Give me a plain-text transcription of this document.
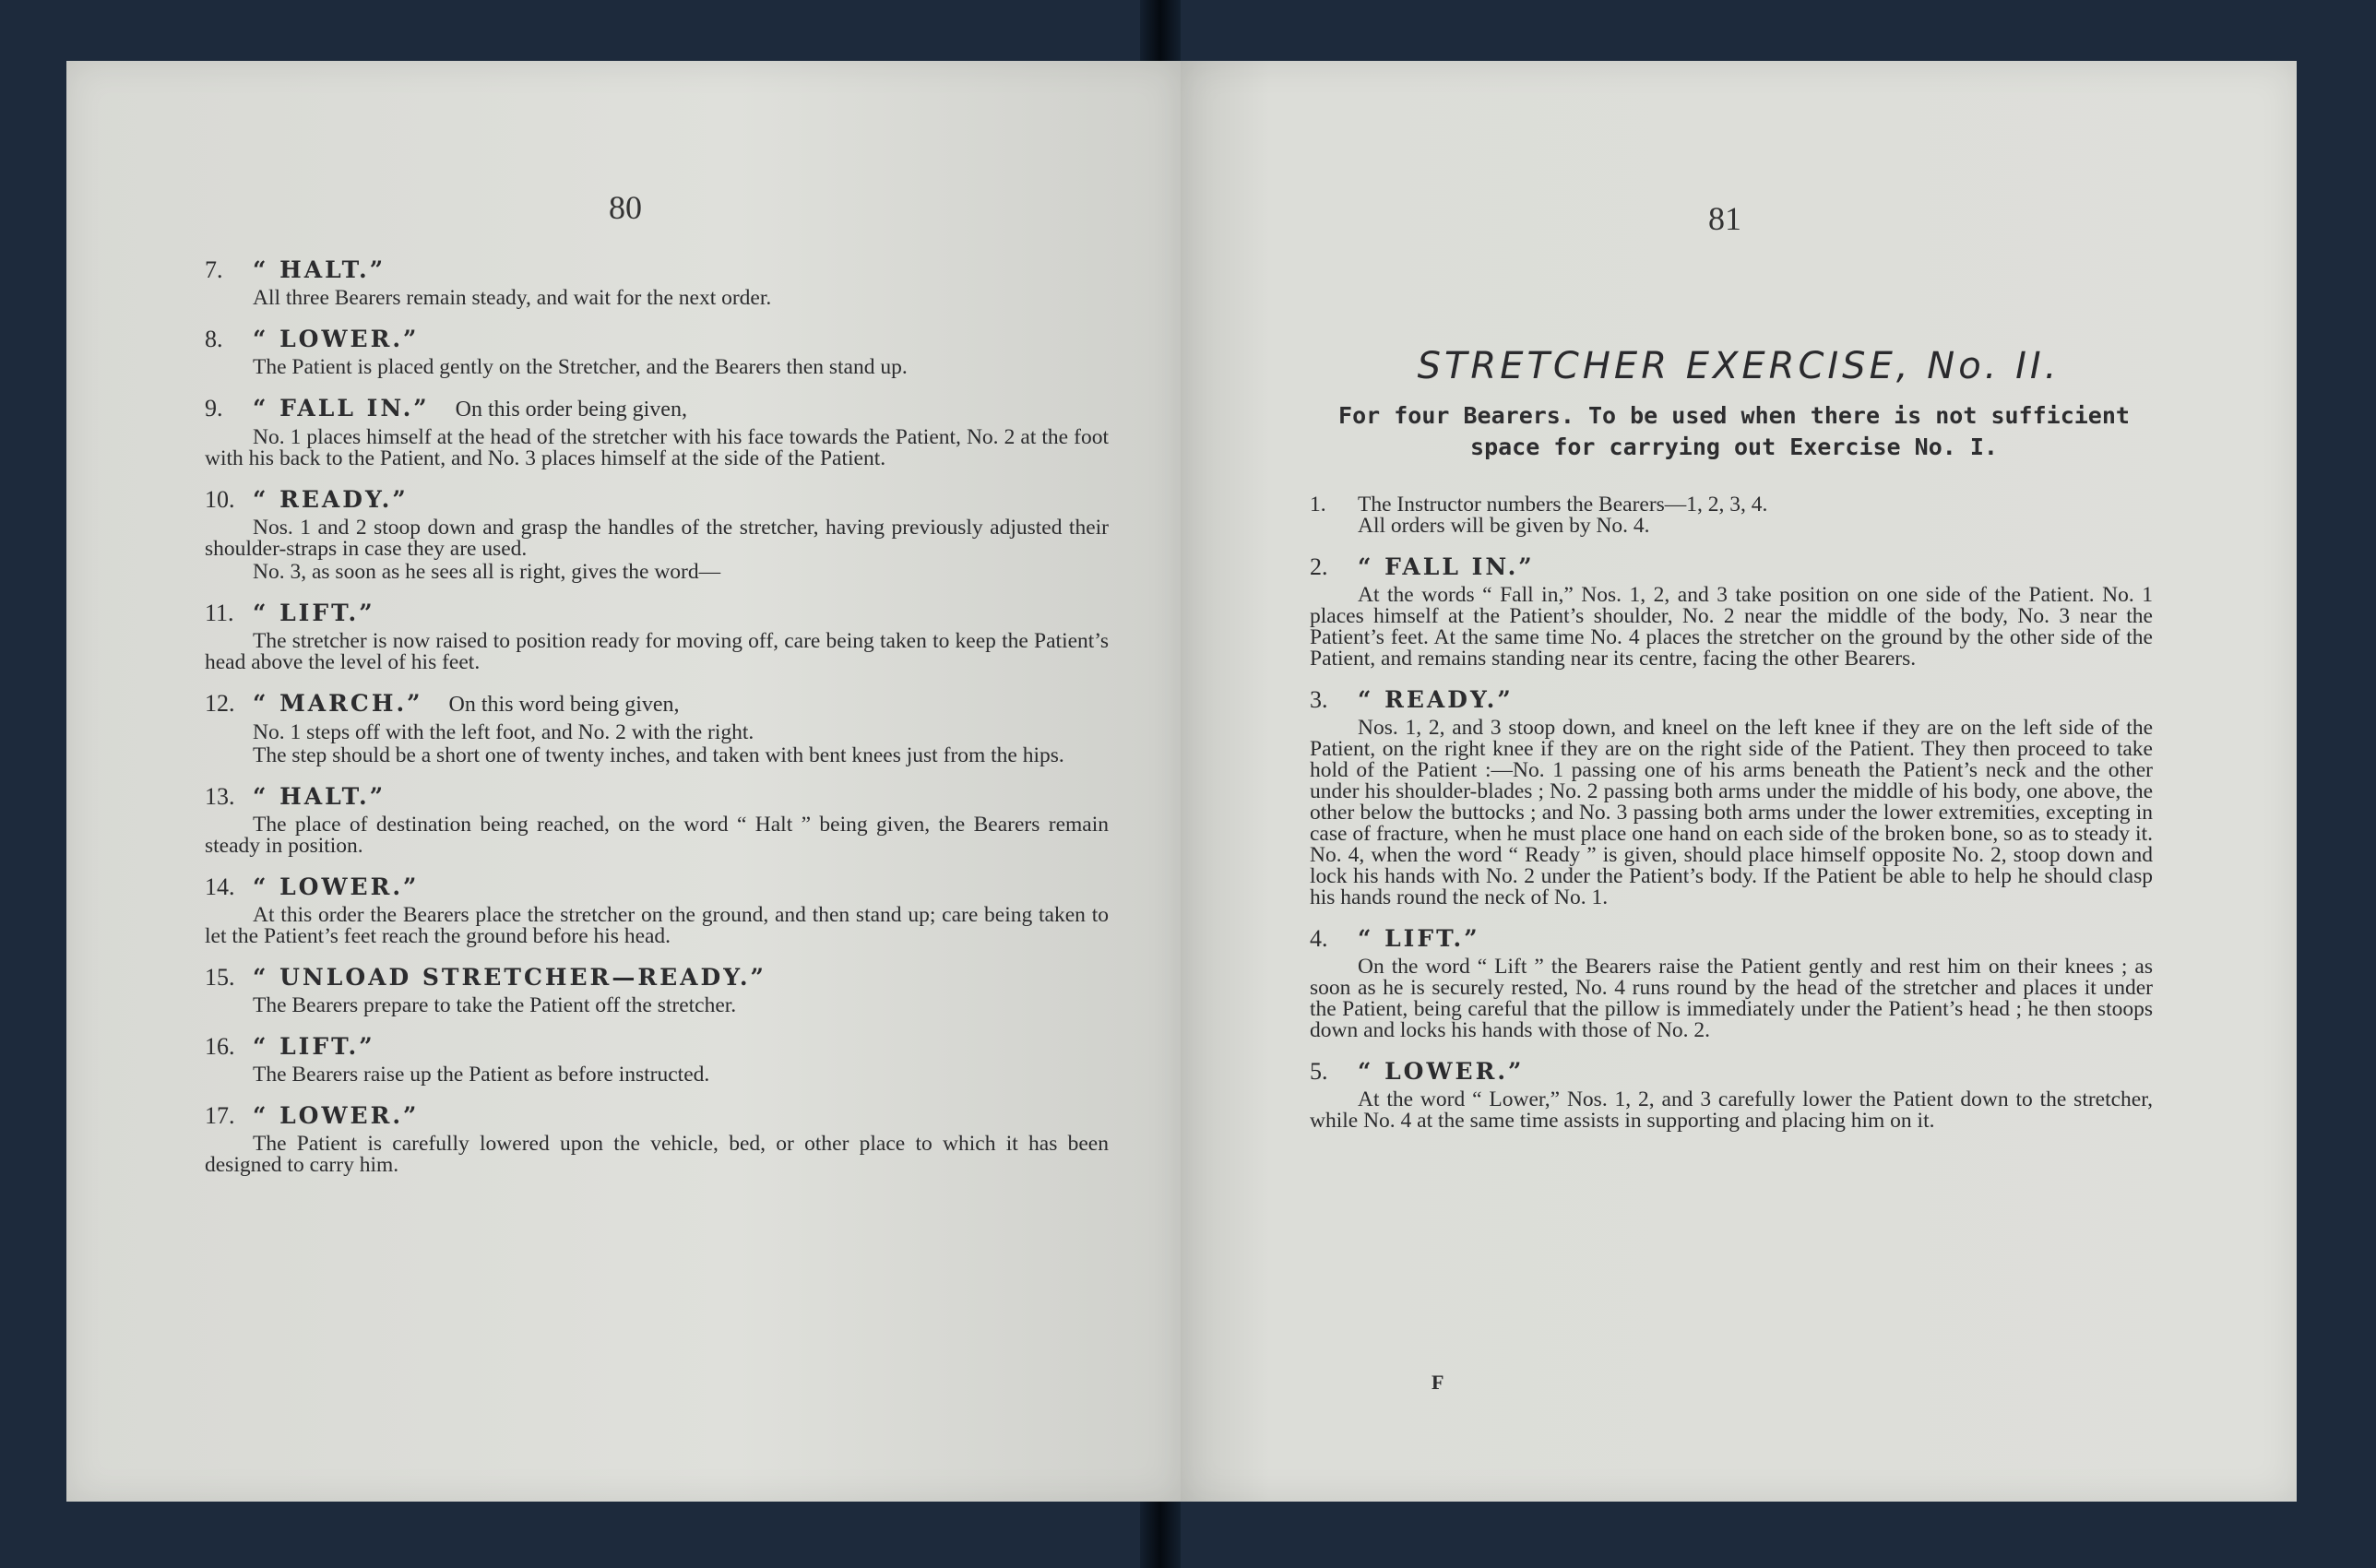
80
7. “ HALT.”

All three Bearers remain steady, and wait for the next order.

8. “ LOWER.”

The Patient is placed gently on the Stretcher, and the Bearers then stand up.

9. “ FALL IN.” On this order being given,

No. 1 places himself at the head of the stretcher with his face towards the Patient, No. 2 at the foot with his back to the Patient, and No. 3 places himself at the side of the Patient.

10. “ READY.”

Nos. 1 and 2 stoop down and grasp the handles of the stretcher, having previously adjusted their shoulder-straps in case they are used.

No. 3, as soon as he sees all is right, gives the word—

11. “ LIFT.”

The stretcher is now raised to position ready for moving off, care being taken to keep the Patient’s head above the level of his feet.

12. “ MARCH.” On this word being given,

No. 1 steps off with the left foot, and No. 2 with the right.

The step should be a short one of twenty inches, and taken with bent knees just from the hips.

13. “ HALT.”

The place of destination being reached, on the word “ Halt ” being given, the Bearers remain steady in position.

14. “ LOWER.”

At this order the Bearers place the stretcher on the ground, and then stand up; care being taken to let the Patient’s feet reach the ground before his head.

15. “ UNLOAD STRETCHER—READY.”

The Bearers prepare to take the Patient off the stretcher.

16. “ LIFT.”

The Bearers raise up the Patient as before instructed.

17. “ LOWER.”

The Patient is carefully lowered upon the vehicle, bed, or other place to which it has been designed to carry him.

81
STRETCHER EXERCISE, No. II.
For four Bearers. To be used when there is not sufficient space for carrying out Exercise No. I.
1. The Instructor numbers the Bearers—1, 2, 3, 4.
All orders will be given by No. 4.
2. “ FALL IN.”

At the words “ Fall in,” Nos. 1, 2, and 3 take position on one side of the Patient. No. 1 places himself at the Patient’s shoulder, No. 2 near the middle of the body, No. 3 near the Patient’s feet. At the same time No. 4 places the stretcher on the ground by the other side of the Patient, and remains standing near its centre, facing the other Bearers.

3. “ READY.”

Nos. 1, 2, and 3 stoop down, and kneel on the left knee if they are on the left side of the Patient, on the right knee if they are on the right side of the Patient. They then proceed to take hold of the Patient :—No. 1 passing one of his arms beneath the Patient’s neck and the other under his shoulder-blades ; No. 2 passing both arms under the middle of his body, one above, the other below the buttocks ; and No. 3 passing both arms under the lower extremities, excepting in case of fracture, when he must place one hand on each side of the broken bone, so as to steady it. No. 4, when the word “ Ready ” is given, should place himself opposite No. 2, stoop down and lock his hands with No. 2 under the Patient’s body. If the Patient be able to help he should clasp his hands round the neck of No. 1.

4. “ LIFT.”

On the word “ Lift ” the Bearers raise the Patient gently and rest him on their knees ; as soon as he is securely rested, No. 4 runs round by the head of the stretcher and places it under the Patient, being careful that the pillow is immediately under the Patient’s head ; he then stoops down and locks his hands with those of No. 2.

5. “ LOWER.”

At the word “ Lower,” Nos. 1, 2, and 3 carefully lower the Patient down to the stretcher, while No. 4 at the same time assists in supporting and placing him on it.

F
